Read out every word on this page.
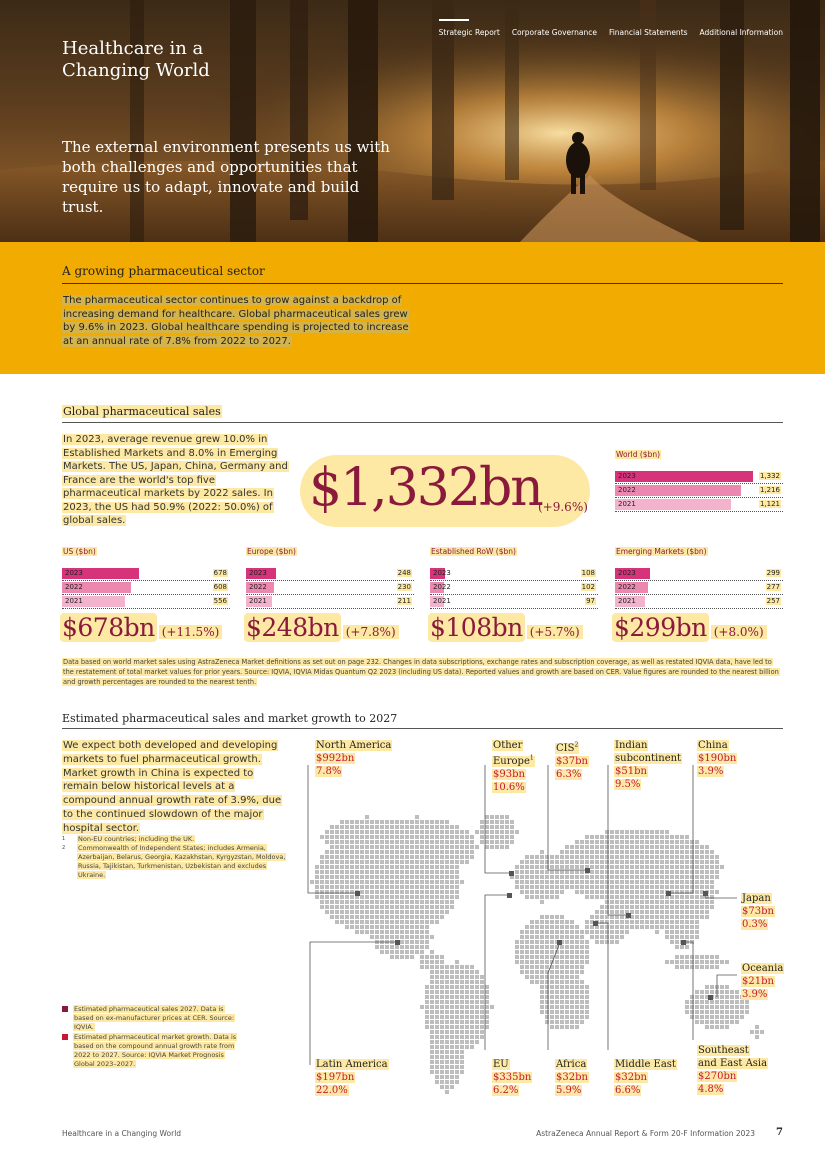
Healthcare in a Changing World
The external environment presents us with both challenges and opportunities that require us to adapt, innovate and build trust.
Strategic Report Corporate Governance Financial Statements Additional Information
A growing pharmaceutical sector
The pharmaceutical sector continues to grow against a backdrop of increasing demand for healthcare. Global pharmaceutical sales grew by 9.6% in 2023. Global healthcare spending is projected to increase at an annual rate of 7.8% from 2022 to 2027.
Global pharmaceutical sales
In 2023, average revenue grew 10.0% in Established Markets and 8.0% in Emerging Markets. The US, Japan, China, Germany and France are the world's top five pharmaceutical markets by 2022 sales. In 2023, the US had 50.9% (2022: 50.0%) of global sales.
$1,332bn
(+9.6%)
World ($bn)
2023	1,332
2022	1,216
2021	1,121
US ($bn)
2023	678
2022	608
2021	556
Europe ($bn)
2023	248
2022	230
2021	211
Established RoW ($bn)
2023	108
2022	102
2021	97
Emerging Markets ($bn)
2023	299
2022	277
2021	257
$678bn (+11.5%) $248bn (+7.8%) $108bn (+5.7%) $299bn (+8.0%)
Data based on world market sales using AstraZeneca Market definitions as set out on page 232. Changes in data subscriptions, exchange rates and subscription coverage, as well as restated IQVIA data, have led to the restatement of total market values for prior years. Source: IQVIA, IQVIA Midas Quantum Q2 2023 (including US data). Reported values and growth are based on CER. Value figures are rounded to the nearest billion and growth percentages are rounded to the nearest tenth.
Estimated pharmaceutical sales and market growth to 2027
We expect both developed and developing markets to fuel pharmaceutical growth. Market growth in China is expected to remain below historical levels at a compound annual growth rate of 3.9%, due to the continued slowdown of the major hospital sector.
1 Non-EU countries; including the UK.
2 Commonwealth of Independent States; includes Armenia, Azerbaijan, Belarus, Georgia, Kazakhstan, Kyrgyzstan, Moldova, Russia, Tajikistan, Turkmenistan, Uzbekistan and excludes Ukraine.
Estimated pharmaceutical sales 2027. Data is based on ex-manufacturer prices at CER. Source: IQVIA.
Estimated pharmaceutical market growth. Data is based on the compound annual growth rate from 2022 to 2027. Source: IQVIA Market Prognosis Global 2023–2027.
North America
$992bn
7.8%
Other
Europe$^1$
$93bn
10.6%
CIS$^2$
$37bn
6.3%
Indian
subcontinent
$51bn
9.5%
China
$190bn
3.9%
Japan
$73bn
0.3%
Oceania
$21bn
3.9%
Latin America
$197bn
22.0%
EU
$335bn
6.2%
Africa
$32bn
5.9%
Middle East
$32bn
6.6%
Southeast
and East Asia
$270bn
4.8%
Healthcare in a Changing World	AstraZeneca Annual Report & Form 20-F Information 2023 7
